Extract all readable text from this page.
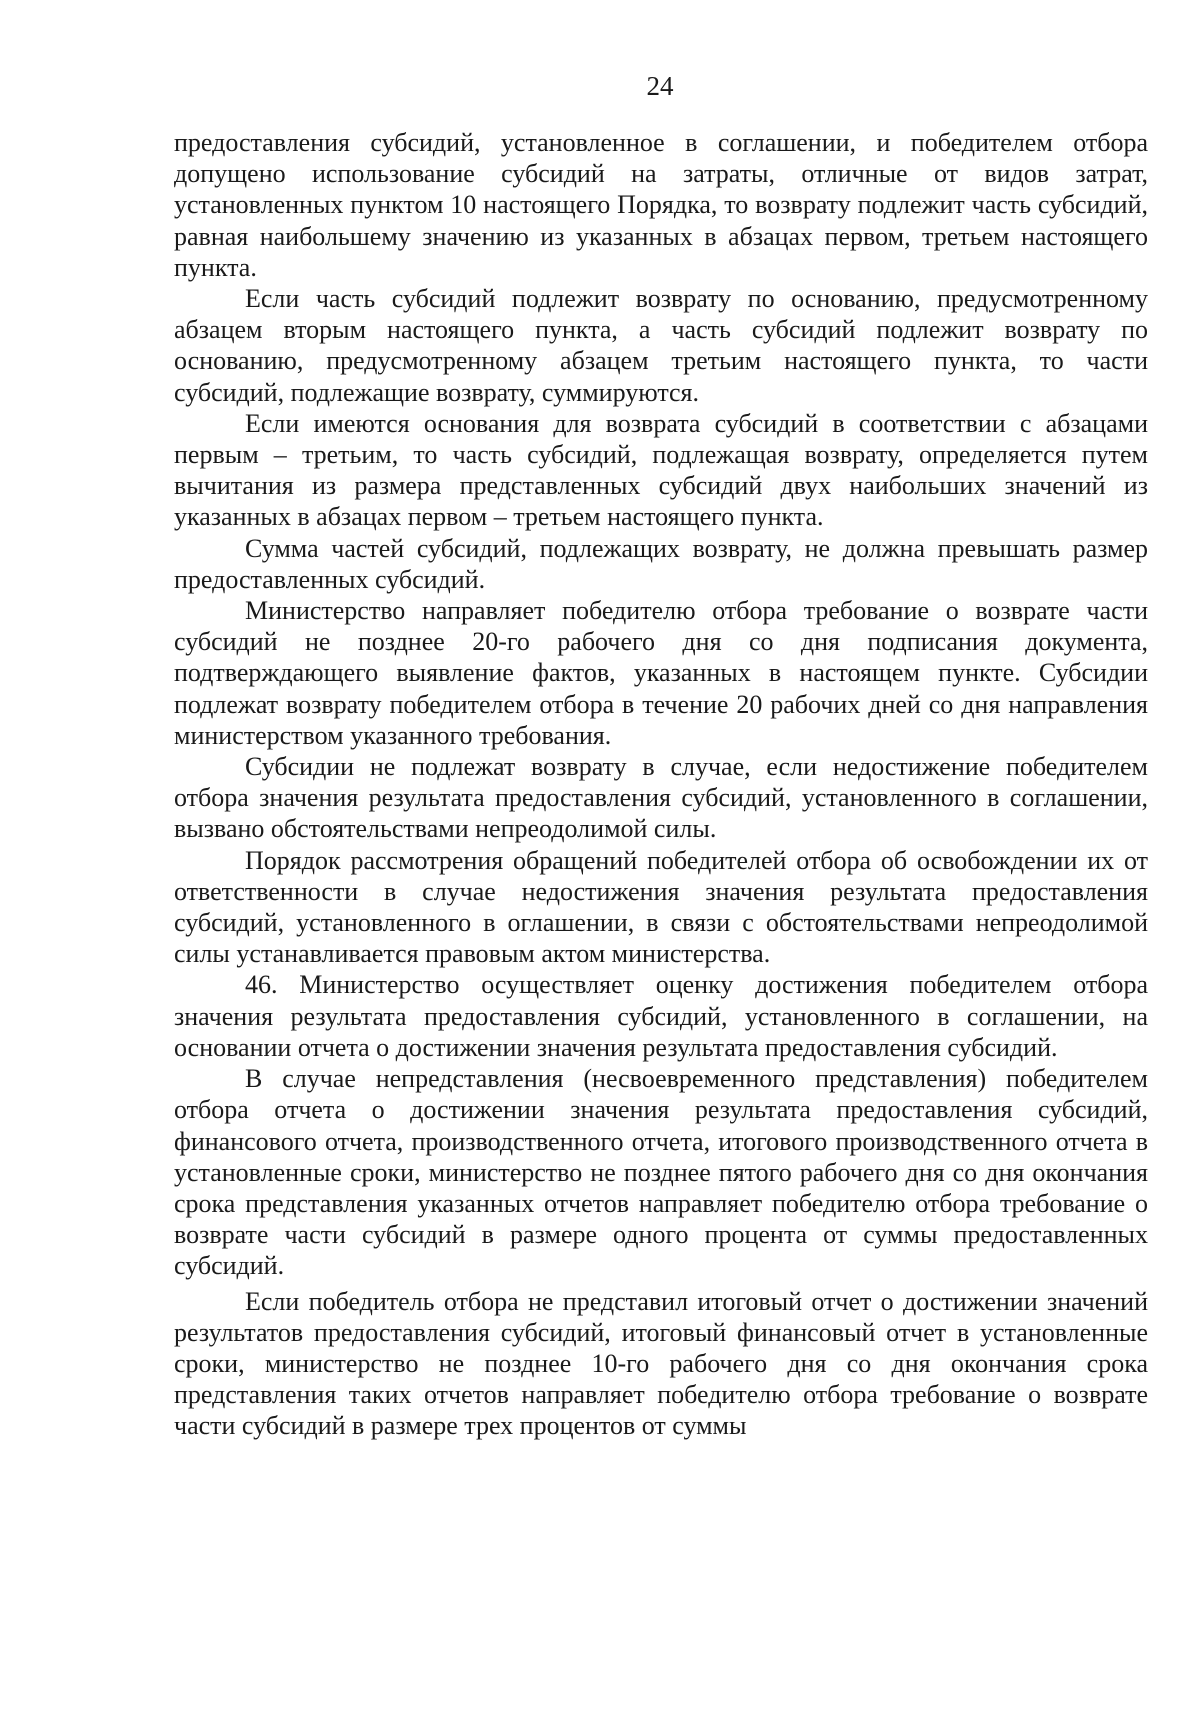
24

предоставления субсидий, установленное в соглашении, и победителем отбора допущено использование субсидий на затраты, отличные от видов затрат, установленных пунктом 10 настоящего Порядка, то возврату подлежит часть субсидий, равная наибольшему значению из указанных в абзацах первом, третьем настоящего пункта.

Если часть субсидий подлежит возврату по основанию, предусмотренному абзацем вторым настоящего пункта, а часть субсидий подлежит возврату по основанию, предусмотренному абзацем третьим настоящего пункта, то части субсидий, подлежащие возврату, суммируются.

Если имеются основания для возврата субсидий в соответствии с абзацами первым – третьим, то часть субсидий, подлежащая возврату, определяется путем вычитания из размера представленных субсидий двух наибольших значений из указанных в абзацах первом – третьем настоящего пункта.

Сумма частей субсидий, подлежащих возврату, не должна превышать размер предоставленных субсидий.

Министерство направляет победителю отбора требование о возврате части субсидий не позднее 20-го рабочего дня со дня подписания документа, подтверждающего выявление фактов, указанных в настоящем пункте. Субсидии подлежат возврату победителем отбора в течение 20 рабочих дней со дня направления министерством указанного требования.

Субсидии не подлежат возврату в случае, если недостижение победителем отбора значения результата предоставления субсидий, установленного в соглашении, вызвано обстоятельствами непреодолимой силы.

Порядок рассмотрения обращений победителей отбора об освобождении их от ответственности в случае недостижения значения результата предоставления субсидий, установленного в оглашении, в связи с обстоятельствами непреодолимой силы устанавливается правовым актом министерства.

46. Министерство осуществляет оценку достижения победителем отбора значения результата предоставления субсидий, установленного в соглашении, на основании отчета о достижении значения результата предоставления субсидий.

В случае непредставления (несвоевременного представления) победителем отбора отчета о достижении значения результата предоставления субсидий, финансового отчета, производственного отчета, итогового производственного отчета в установленные сроки, министерство не позднее пятого рабочего дня со дня окончания срока представления указанных отчетов направляет победителю отбора требование о возврате части субсидий в размере одного процента от суммы предоставленных субсидий.

Если победитель отбора не представил итоговый отчет о достижении значений результатов предоставления субсидий, итоговый финансовый отчет в установленные сроки, министерство не позднее 10-го рабочего дня со дня окончания срока представления таких отчетов направляет победителю отбора требование о возврате части субсидий в размере трех процентов от суммы
